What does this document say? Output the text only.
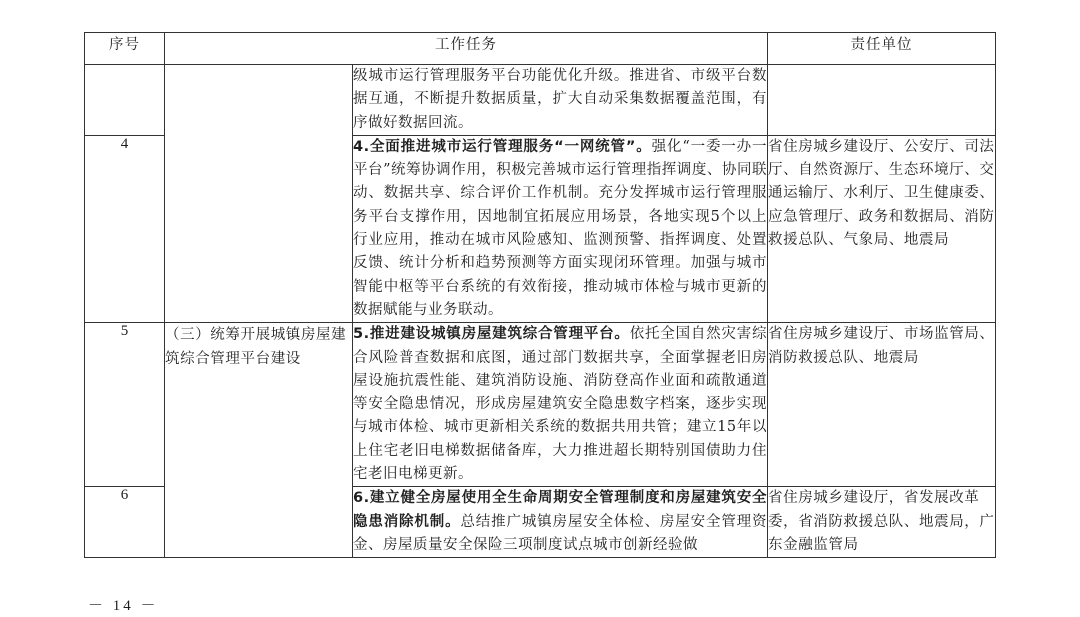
序号	工作任务		责任单位
		级城市运行管理服务平台功能优化升级。推进省、市级平台数据互通，不断提升数据质量，扩大自动采集数据覆盖范围，有序做好数据回流。	
4		4.全面推进城市运行管理服务“一网统管”。强化“一委一办一平台”统筹协调作用，积极完善城市运行管理指挥调度、协同联动、数据共享、综合评价工作机制。充分发挥城市运行管理服务平台支撑作用，因地制宜拓展应用场景，各地实现5个以上行业应用，推动在城市风险感知、监测预警、指挥调度、处置反馈、统计分析和趋势预测等方面实现闭环管理。加强与城市智能中枢等平台系统的有效衔接，推动城市体检与城市更新的数据赋能与业务联动。	省住房城乡建设厅、公安厅、司法厅、自然资源厅、生态环境厅、交通运输厅、水利厅、卫生健康委、应急管理厅、政务和数据局、消防救援总队、气象局、地震局
5	（三）统筹开展城镇房屋建筑综合管理平台建设	5.推进建设城镇房屋建筑综合管理平台。依托全国自然灾害综合风险普查数据和底图，通过部门数据共享，全面掌握老旧房屋设施抗震性能、建筑消防设施、消防登高作业面和疏散通道等安全隐患情况，形成房屋建筑安全隐患数字档案，逐步实现与城市体检、城市更新相关系统的数据共用共管；建立15年以上住宅老旧电梯数据储备库，大力推进超长期特别国债助力住宅老旧电梯更新。	省住房城乡建设厅、市场监管局、消防救援总队、地震局
6		6.建立健全房屋使用全生命周期安全管理制度和房屋建筑安全隐患消除机制。总结推广城镇房屋安全体检、房屋安全管理资金、房屋质量安全保险三项制度试点城市创新经验做	省住房城乡建设厅，省发展改革委，省消防救援总队、地震局，广东金融监管局
－ 14 －
